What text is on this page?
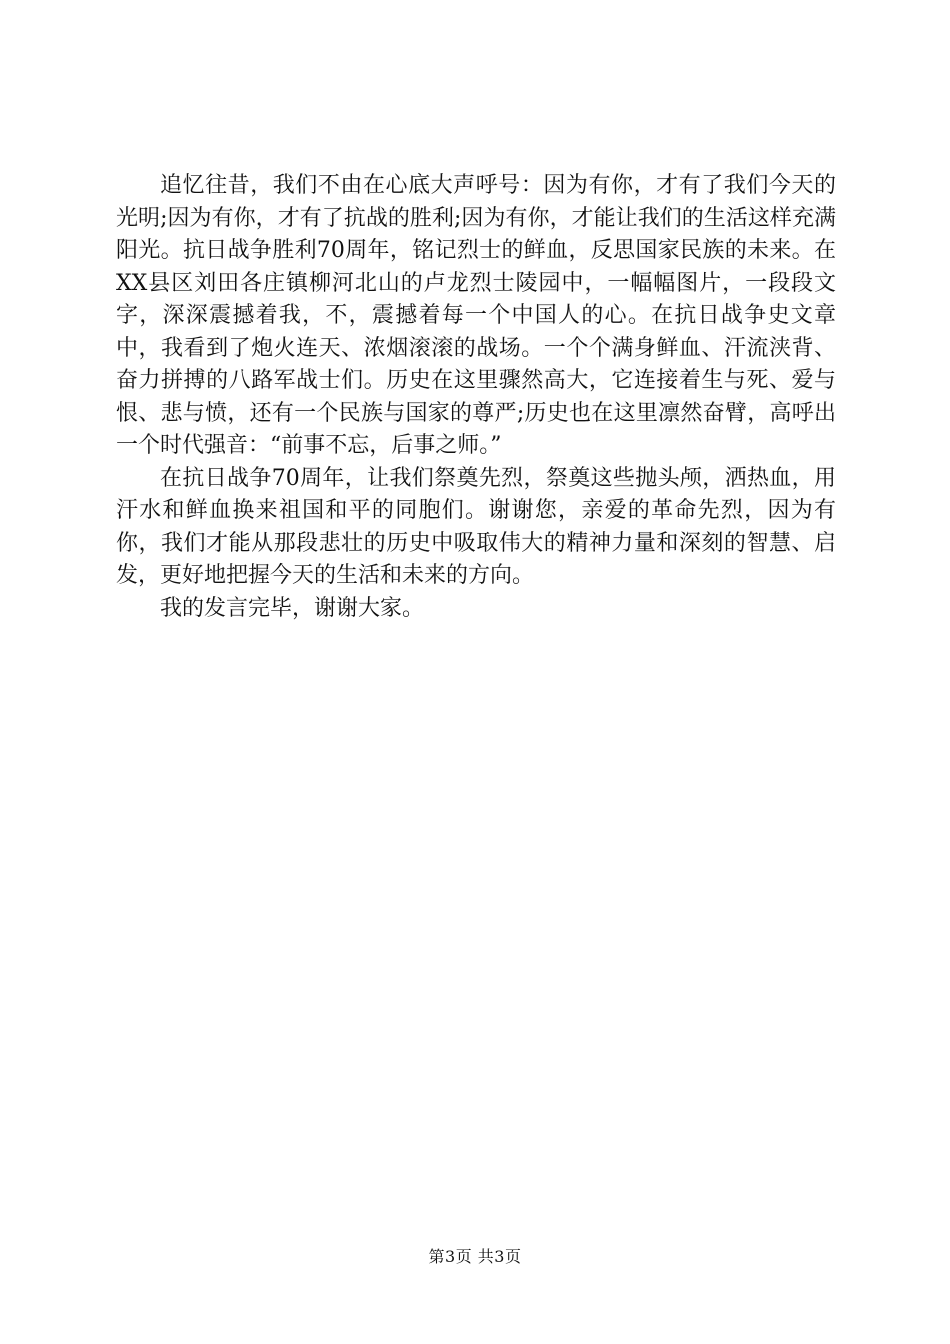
追忆往昔，我们不由在心底大声呼号：因为有你，才有了我们今天的光明;因为有你，才有了抗战的胜利;因为有你，才能让我们的生活这样充满阳光。抗日战争胜利70周年，铭记烈士的鲜血，反思国家民族的未来。在XX县区刘田各庄镇柳河北山的卢龙烈士陵园中，一幅幅图片，一段段文字，深深震撼着我，不，震撼着每一个中国人的心。在抗日战争史文章中，我看到了炮火连天、浓烟滚滚的战场。一个个满身鲜血、汗流浃背、奋力拼搏的八路军战士们。历史在这里骤然高大，它连接着生与死、爱与恨、悲与愤，还有一个民族与国家的尊严;历史也在这里凛然奋臂，高呼出一个时代强音：“前事不忘，后事之师。”

在抗日战争70周年，让我们祭奠先烈，祭奠这些抛头颅，洒热血，用汗水和鲜血换来祖国和平的同胞们。谢谢您，亲爱的革命先烈，因为有你，我们才能从那段悲壮的历史中吸取伟大的精神力量和深刻的智慧、启发，更好地把握今天的生活和未来的方向。

我的发言完毕，谢谢大家。

第3页 共3页
